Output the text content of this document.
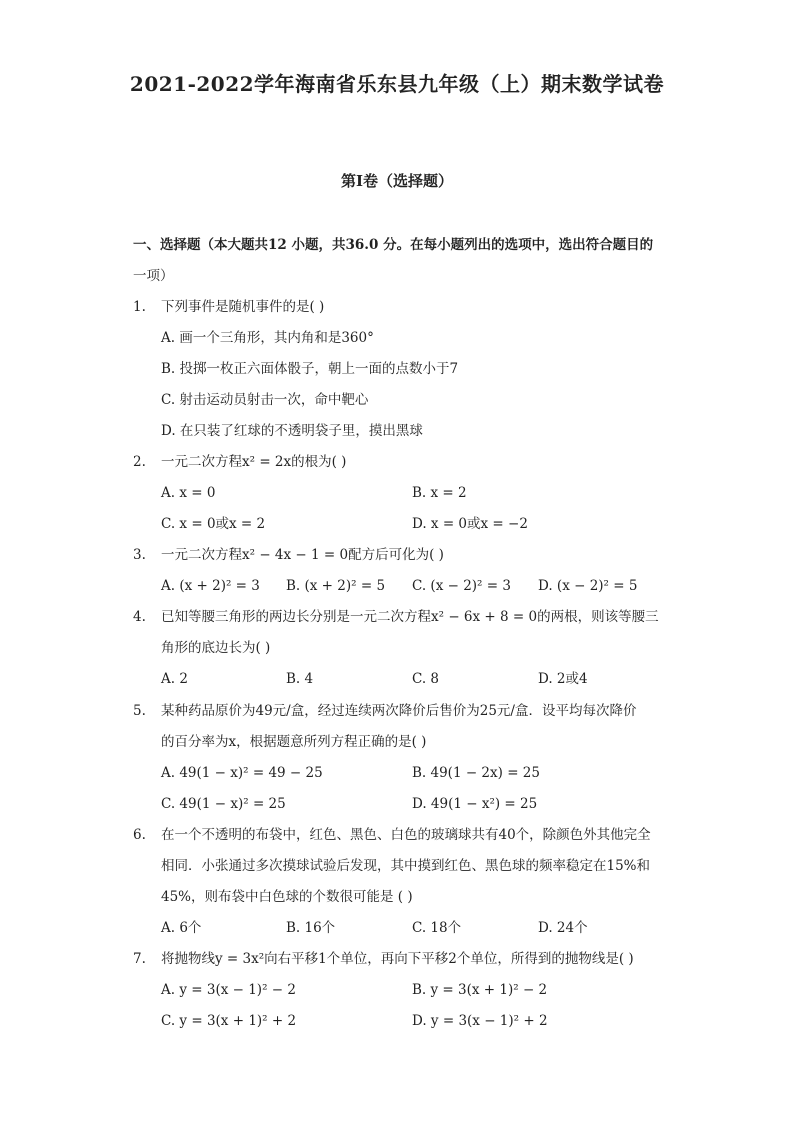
2021-2022学年海南省乐东县九年级（上）期末数学试卷
第Ⅰ卷（选择题）
一、选择题（本大题共12 小题，共36.0 分。在每小题列出的选项中，选出符合题目的
一项）
1. 下列事件是随机事件的是( )
A. 画一个三角形，其内角和是360°
B. 投掷一枚正六面体骰子，朝上一面的点数小于7
C. 射击运动员射击一次，命中靶心
D. 在只装了红球的不透明袋子里，摸出黑球
2. 一元二次方程x² = 2x的根为( )
A. x = 0	B. x = 2
C. x = 0或x = 2	D. x = 0或x = −2
3. 一元二次方程x² − 4x − 1 = 0配方后可化为( )
A. (x + 2)² = 3 B. (x + 2)² = 5 C. (x − 2)² = 3 D. (x − 2)² = 5
4. 已知等腰三角形的两边长分别是一元二次方程x² − 6x + 8 = 0的两根，则该等腰三
角形的底边长为( )
A. 2	B. 4	C. 8	D. 2或4
5. 某种药品原价为49元/盒，经过连续两次降价后售价为25元/盒．设平均每次降价
的百分率为x，根据题意所列方程正确的是( )
A. 49(1 − x)² = 49 − 25	B. 49(1 − 2x) = 25
C. 49(1 − x)² = 25	D. 49(1 − x²) = 25
6. 在一个不透明的布袋中，红色、黑色、白色的玻璃球共有40个，除颜色外其他完全
相同．小张通过多次摸球试验后发现，其中摸到红色、黑色球的频率稳定在15%和
45%，则布袋中白色球的个数很可能是 ( )
A. 6个	B. 16个	C. 18个	D. 24个
7. 将抛物线y = 3x²向右平移1个单位，再向下平移2个单位，所得到的抛物线是( )
A. y = 3(x − 1)² − 2	B. y = 3(x + 1)² − 2
C. y = 3(x + 1)² + 2	D. y = 3(x − 1)² + 2
